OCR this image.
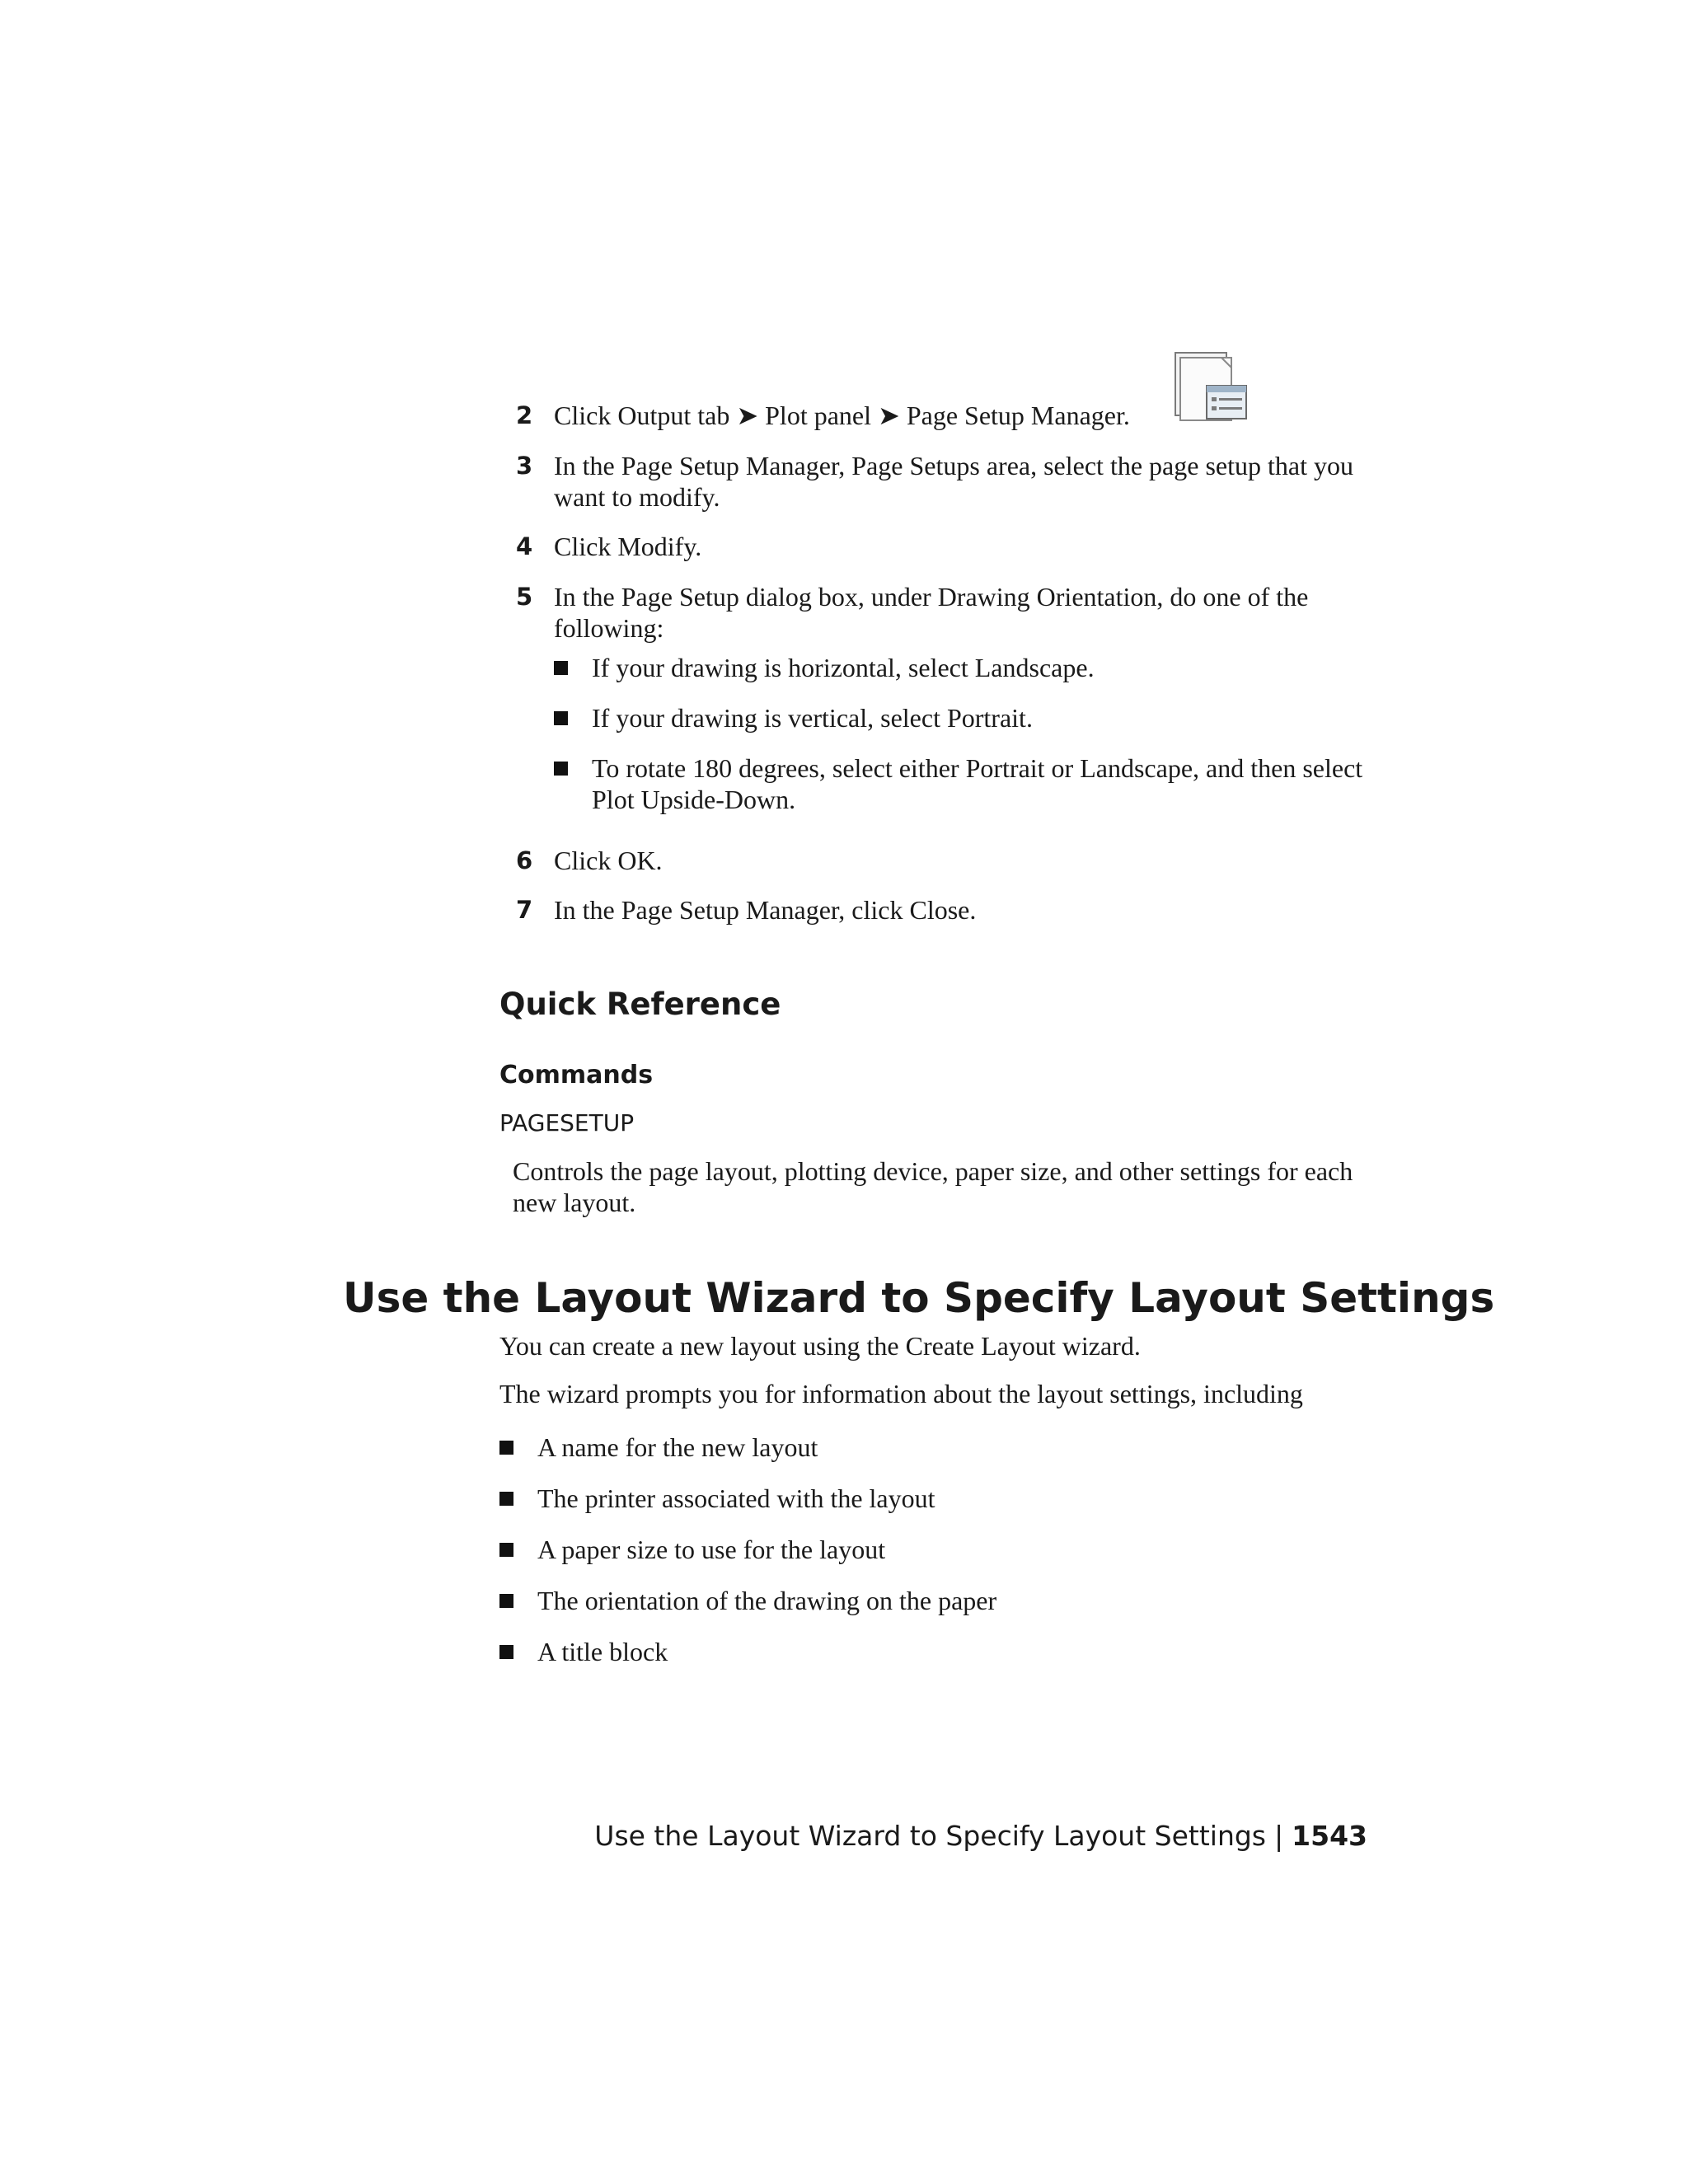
2 Click Output tab ➤ Plot panel ➤ Page Setup Manager.
3 In the Page Setup Manager, Page Setups area, select the page setup that you want to modify.
4 Click Modify.
5 In the Page Setup dialog box, under Drawing Orientation, do one of the following:
If your drawing is horizontal, select Landscape.
If your drawing is vertical, select Portrait.
To rotate 180 degrees, select either Portrait or Landscape, and then select Plot Upside-Down.
6 Click OK.
7 In the Page Setup Manager, click Close.
Quick Reference
Commands
PAGESETUP
Controls the page layout, plotting device, paper size, and other settings for each new layout.
Use the Layout Wizard to Specify Layout Settings
You can create a new layout using the Create Layout wizard.
The wizard prompts you for information about the layout settings, including
A name for the new layout
The printer associated with the layout
A paper size to use for the layout
The orientation of the drawing on the paper
A title block
Use the Layout Wizard to Specify Layout Settings | 1543
